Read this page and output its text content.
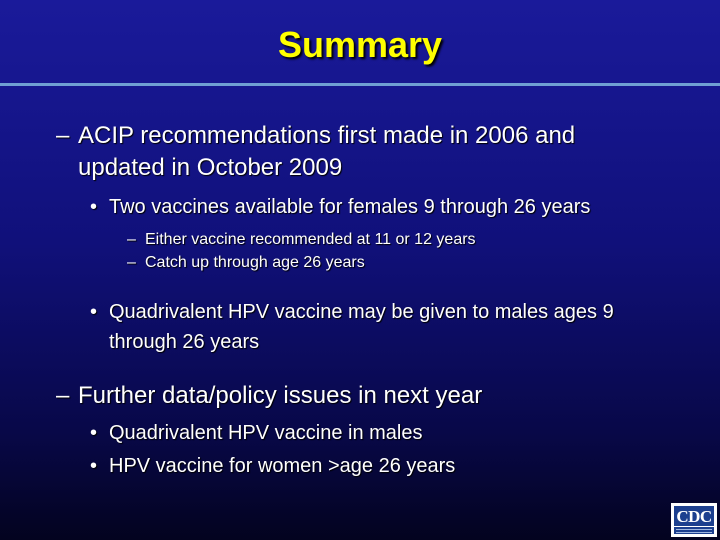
Summary
– ACIP recommendations first made in 2006 and updated in October 2009
• Two vaccines available for females 9 through 26 years
– Either vaccine recommended at 11 or 12 years
– Catch up through age 26 years
• Quadrivalent HPV vaccine may be given to males ages 9 through 26 years
– Further data/policy issues in next year
• Quadrivalent HPV vaccine in males
• HPV vaccine for women >age 26 years
CDC
